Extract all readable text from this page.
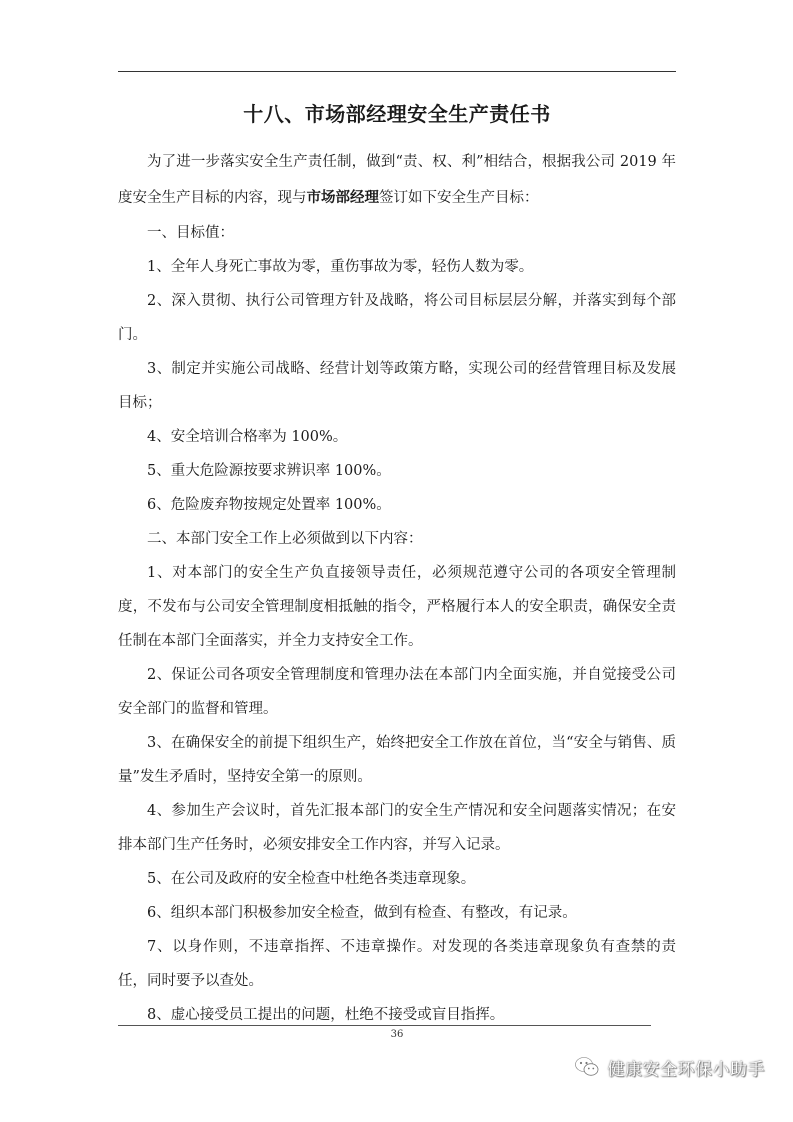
十八、市场部经理安全生产责任书

为了进一步落实安全生产责任制，做到“责、权、利”相结合，根据我公司 2019 年度安全生产目标的内容，现与市场部经理签订如下安全生产目标：

一、目标值：

1、全年人身死亡事故为零，重伤事故为零，轻伤人数为零。

2、深入贯彻、执行公司管理方针及战略，将公司目标层层分解，并落实到每个部门。

3、制定并实施公司战略、经营计划等政策方略，实现公司的经营管理目标及发展目标；

4、安全培训合格率为 100%。

5、重大危险源按要求辨识率 100%。

6、危险废弃物按规定处置率 100%。

二、本部门安全工作上必须做到以下内容：

1、对本部门的安全生产负直接领导责任，必须规范遵守公司的各项安全管理制度，不发布与公司安全管理制度相抵触的指令，严格履行本人的安全职责，确保安全责任制在本部门全面落实，并全力支持安全工作。

2、保证公司各项安全管理制度和管理办法在本部门内全面实施，并自觉接受公司安全部门的监督和管理。

3、在确保安全的前提下组织生产，始终把安全工作放在首位，当“安全与销售、质量”发生矛盾时，坚持安全第一的原则。

4、参加生产会议时，首先汇报本部门的安全生产情况和安全问题落实情况；在安排本部门生产任务时，必须安排安全工作内容，并写入记录。

5、在公司及政府的安全检查中杜绝各类违章现象。

6、组织本部门积极参加安全检查，做到有检查、有整改，有记录。

7、以身作则，不违章指挥、不违章操作。对发现的各类违章现象负有查禁的责任，同时要予以查处。

8、虚心接受员工提出的问题，杜绝不接受或盲目指挥。

36
健康安全环保小助手
